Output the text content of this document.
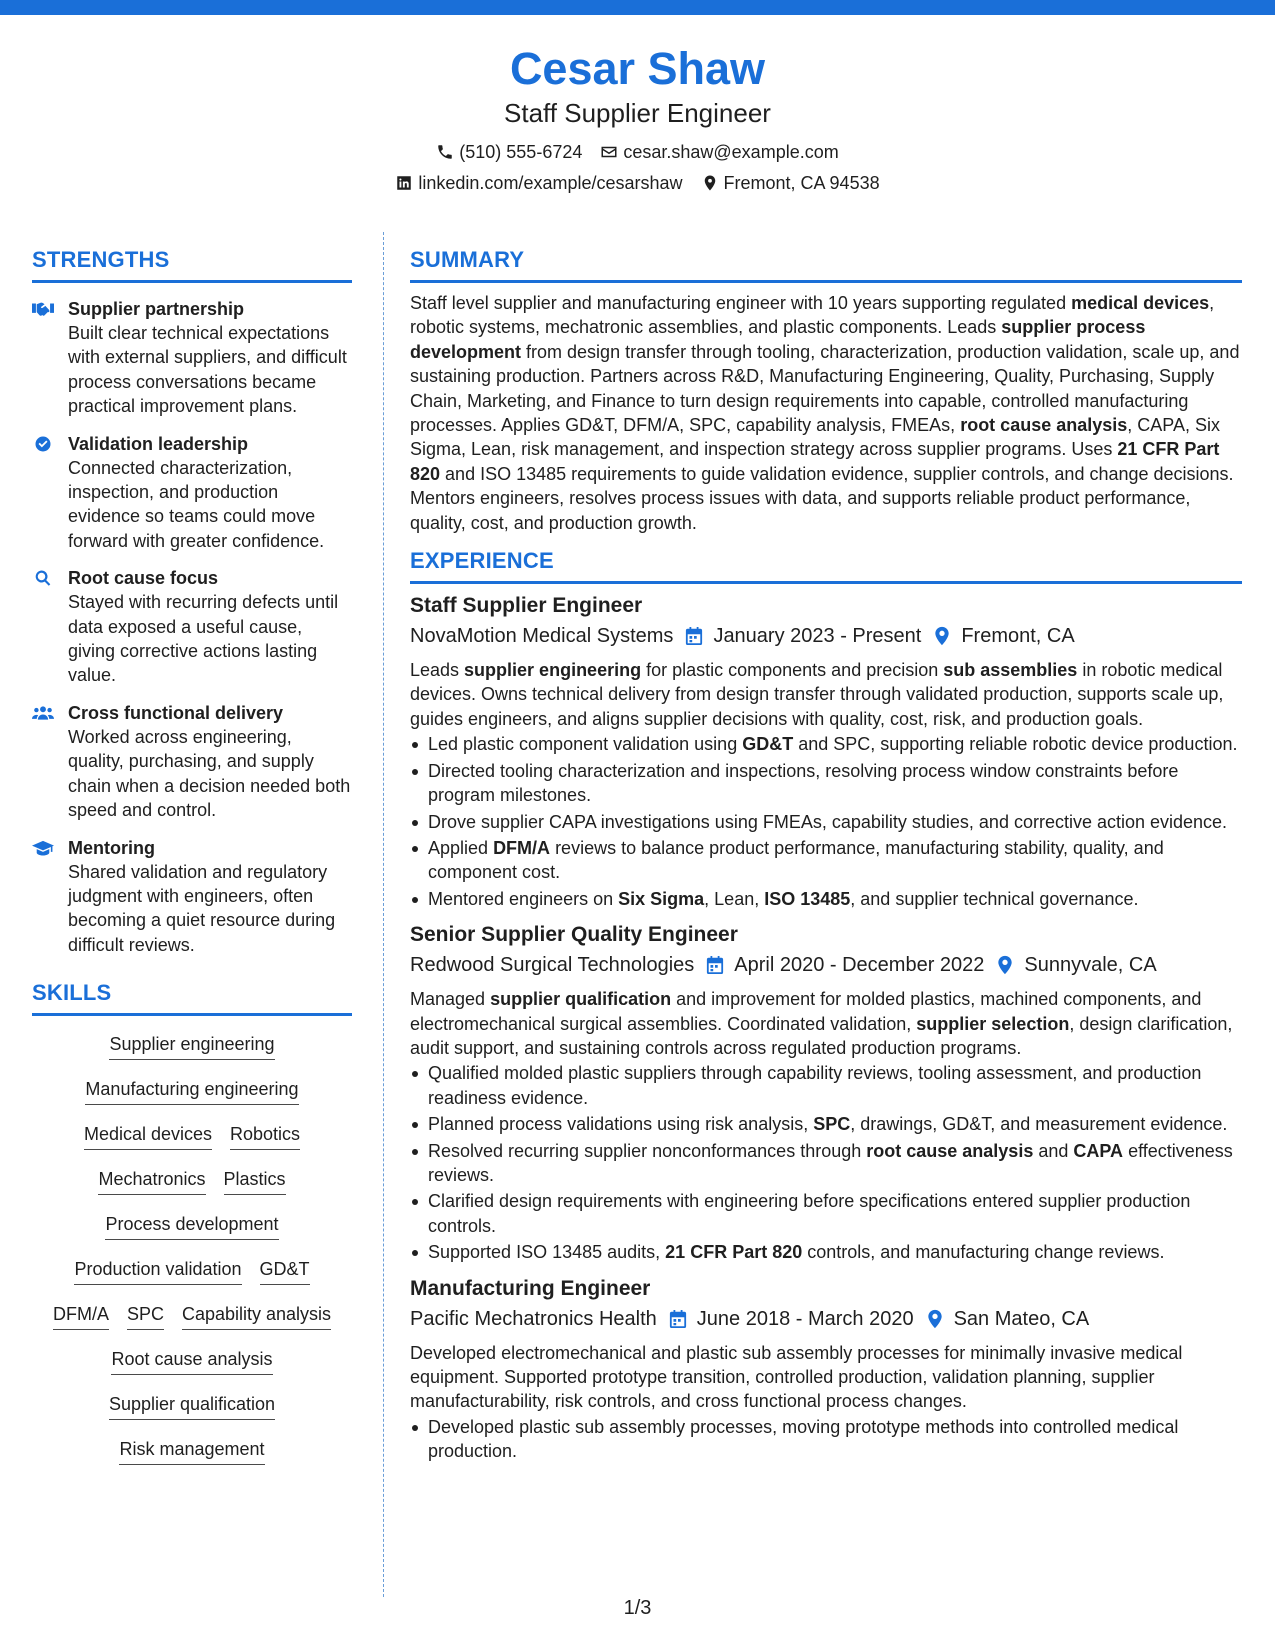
Cesar Shaw
Staff Supplier Engineer
(510) 555-6724 cesar.shaw@example.com
linkedin.com/example/cesarshaw Fremont, CA 94538
STRENGTHS
Supplier partnership
Built clear technical expectations with external suppliers, and difficult process conversations became practical improvement plans.
Validation leadership
Connected characterization, inspection, and production evidence so teams could move forward with greater confidence.
Root cause focus
Stayed with recurring defects until data exposed a useful cause, giving corrective actions lasting value.
Cross functional delivery
Worked across engineering, quality, purchasing, and supply chain when a decision needed both speed and control.
Mentoring
Shared validation and regulatory judgment with engineers, often becoming a quiet resource during difficult reviews.
SKILLS
Supplier engineering
Manufacturing engineering
Medical devices Robotics
Mechatronics Plastics
Process development
Production validation GD&T
DFM/A SPC Capability analysis
Root cause analysis
Supplier qualification
Risk management
SUMMARY

Staff level supplier and manufacturing engineer with 10 years supporting regulated medical devices, robotic systems, mechatronic assemblies, and plastic components. Leads supplier process development from design transfer through tooling, characterization, production validation, scale up, and sustaining production. Partners across R&D, Manufacturing Engineering, Quality, Purchasing, Supply Chain, Marketing, and Finance to turn design requirements into capable, controlled manufacturing processes. Applies GD&T, DFM/A, SPC, capability analysis, FMEAs, root cause analysis, CAPA, Six Sigma, Lean, risk management, and inspection strategy across supplier programs. Uses 21 CFR Part 820 and ISO 13485 requirements to guide validation evidence, supplier controls, and change decisions. Mentors engineers, resolves process issues with data, and supports reliable product performance, quality, cost, and production growth.

EXPERIENCE
Staff Supplier Engineer
NovaMotion Medical Systems January 2023 - Present Fremont, CA

Leads supplier engineering for plastic components and precision sub assemblies in robotic medical devices. Owns technical delivery from design transfer through validated production, supports scale up, guides engineers, and aligns supplier decisions with quality, cost, risk, and production goals.

Led plastic component validation using GD&T and SPC, supporting reliable robotic device production.
Directed tooling characterization and inspections, resolving process window constraints before program milestones.
Drove supplier CAPA investigations using FMEAs, capability studies, and corrective action evidence.
Applied DFM/A reviews to balance product performance, manufacturing stability, quality, and component cost.
Mentored engineers on Six Sigma, Lean, ISO 13485, and supplier technical governance.
Senior Supplier Quality Engineer
Redwood Surgical Technologies April 2020 - December 2022 Sunnyvale, CA

Managed supplier qualification and improvement for molded plastics, machined components, and electromechanical surgical assemblies. Coordinated validation, supplier selection, design clarification, audit support, and sustaining controls across regulated production programs.

Qualified molded plastic suppliers through capability reviews, tooling assessment, and production readiness evidence.
Planned process validations using risk analysis, SPC, drawings, GD&T, and measurement evidence.
Resolved recurring supplier nonconformances through root cause analysis and CAPA effectiveness reviews.
Clarified design requirements with engineering before specifications entered supplier production controls.
Supported ISO 13485 audits, 21 CFR Part 820 controls, and manufacturing change reviews.
Manufacturing Engineer
Pacific Mechatronics Health June 2018 - March 2020 San Mateo, CA

Developed electromechanical and plastic sub assembly processes for minimally invasive medical equipment. Supported prototype transition, controlled production, validation planning, supplier manufacturability, risk controls, and cross functional process changes.

Developed plastic sub assembly processes, moving prototype methods into controlled medical production.
1/3
